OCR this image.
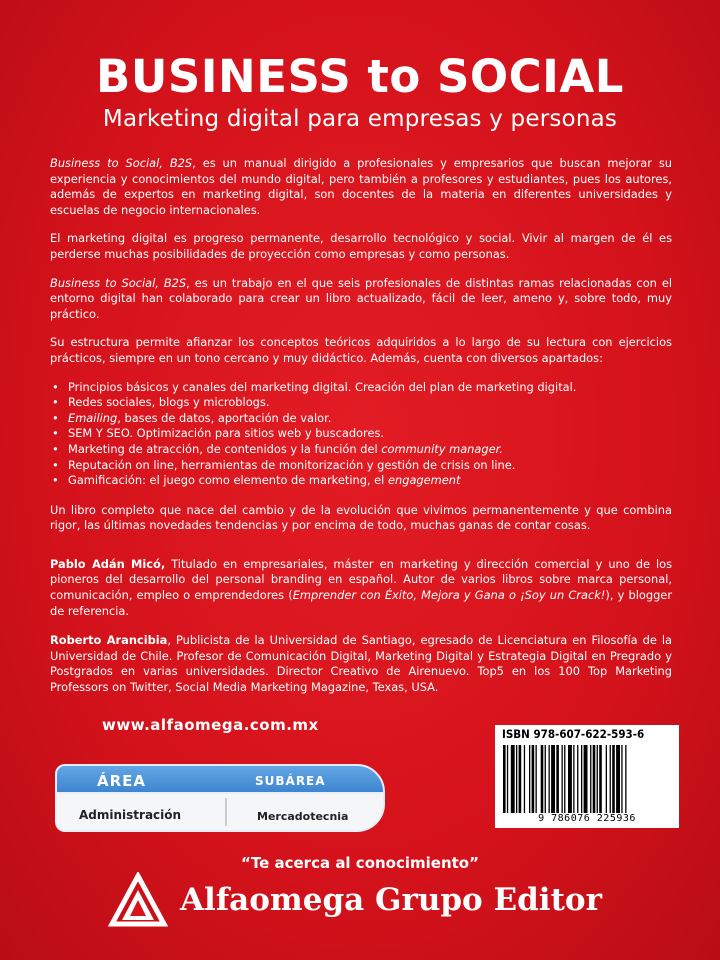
BUSINESS to SOCIAL
Marketing digital para empresas y personas

Business to Social, B2S, es un manual dirigido a profesionales y empresarios que buscan mejorar su experiencia y conocimientos del mundo digital, pero también a profesores y estudiantes, pues los autores, además de expertos en marketing digital, son docentes de la materia en diferentes universidades y escuelas de negocio internacionales.

El marketing digital es progreso permanente, desarrollo tecnológico y social. Vivir al margen de él es perderse muchas posibilidades de proyección como empresas y como personas.

Business to Social, B2S, es un trabajo en el que seis profesionales de distintas ramas relacionadas con el entorno digital han colaborado para crear un libro actualizado, fácil de leer, ameno y, sobre todo, muy práctico.

Su estructura permite afianzar los conceptos teóricos adquiridos a lo largo de su lectura con ejercicios prácticos, siempre en un tono cercano y muy didáctico. Además, cuenta con diversos apartados:

• Principios básicos y canales del marketing digital. Creación del plan de marketing digital.
• Redes sociales, blogs y microblogs.
• Emailing, bases de datos, aportación de valor.
• SEM Y SEO. Optimización para sitios web y buscadores.
• Marketing de atracción, de contenidos y la función del community manager.
• Reputación on line, herramientas de monitorización y gestión de crisis on line.
• Gamificación: el juego como elemento de marketing, el engagement

Un libro completo que nace del cambio y de la evolución que vivimos permanentemente y que combina rigor, las últimas novedades tendencias y por encima de todo, muchas ganas de contar cosas.

Pablo Adán Micó, Titulado en empresariales, máster en marketing y dirección comercial y uno de los pioneros del desarrollo del personal branding en español. Autor de varios libros sobre marca personal, comunicación, empleo o emprendedores (Emprender con Éxito, Mejora y Gana o ¡Soy un Crack!), y blogger de referencia.

Roberto Arancibia, Publicista de la Universidad de Santiago, egresado de Licenciatura en Filosofía de la Universidad de Chile. Profesor de Comunicación Digital, Marketing Digital y Estrategia Digital en Pregrado y Postgrados en varias universidades. Director Creativo de Airenuevo. Top5 en los 100 Top Marketing Professors on Twitter, Social Media Marketing Magazine, Texas, USA.

www.alfaomega.com.mx	ISBN 978-607-622-593-6
9 786076 225936
ÁREA	SUBÁREA
Administración	Mercadotecnia
“Te acerca al conocimiento”
Alfaomega Grupo Editor
